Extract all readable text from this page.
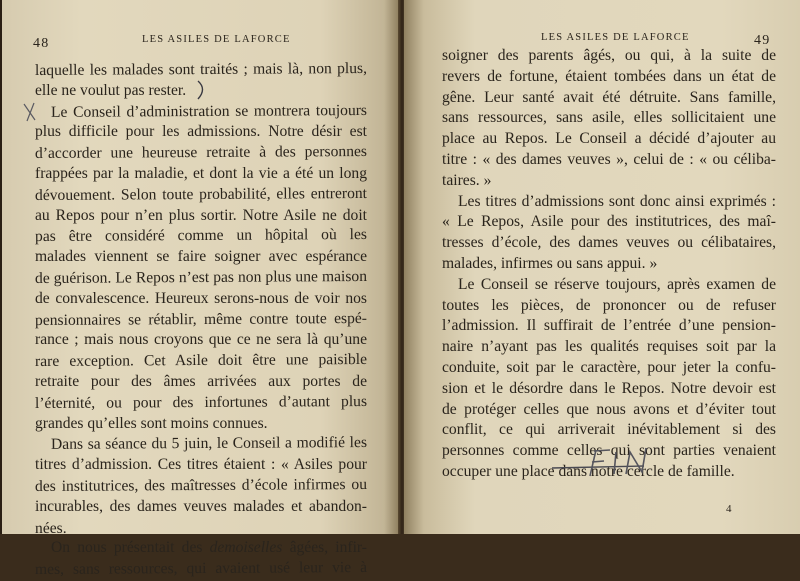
48	LES ASILES DE LAFORCE
laquelle les malades sont traités ; mais là, non plus,
elle ne voulut pas rester.
Le Conseil d’administration se montrera toujours
plus difficile pour les admissions. Notre désir est
d’accorder une heureuse retraite à des personnes
frappées par la maladie, et dont la vie a été un long
dévouement. Selon toute probabilité, elles entreront
au Repos pour n’en plus sortir. Notre Asile ne doit
pas être considéré comme un hôpital où les
malades viennent se faire soigner avec espérance
de guérison. Le Repos n’est pas non plus une maison
de convalescence. Heureux serons-nous de voir nos
pensionnaires se rétablir, même contre toute espé-
rance ; mais nous croyons que ce ne sera là qu’une
rare exception. Cet Asile doit être une paisible
retraite pour des âmes arrivées aux portes de
l’éternité, ou pour des infortunes d’autant plus
grandes qu’elles sont moins connues.
Dans sa séance du 5 juin, le Conseil a modifié les
titres d’admission. Ces titres étaient : « Asiles pour
des institutrices, des maîtresses d’école infirmes ou
incurables, des dames veuves malades et abandon-
nées.
On nous présentait des demoiselles âgées, infir-
mes, sans ressources, qui avaient usé leur vie à
LES ASILES DE LAFORCE	49
soigner des parents âgés, ou qui, à la suite de
revers de fortune, étaient tombées dans un état de
gêne. Leur santé avait été détruite. Sans famille,
sans ressources, sans asile, elles sollicitaient une
place au Repos. Le Conseil a décidé d’ajouter au
titre : « des dames veuves », celui de : « ou céliba-
taires. »
Les titres d’admissions sont donc ainsi exprimés :
« Le Repos, Asile pour des institutrices, des maî-
tresses d’école, des dames veuves ou célibataires,
malades, infirmes ou sans appui. »
Le Conseil se réserve toujours, après examen de
toutes les pièces, de prononcer ou de refuser
l’admission. Il suffirait de l’entrée d’une pension-
naire n’ayant pas les qualités requises soit par la
conduite, soit par le caractère, pour jeter la confu-
sion et le désordre dans le Repos. Notre devoir est
de protéger celles que nous avons et d’éviter tout
conflit, ce qui arriverait inévitablement si des
personnes comme celles qui sont parties venaient
occuper une place dans notre cercle de famille.
4
